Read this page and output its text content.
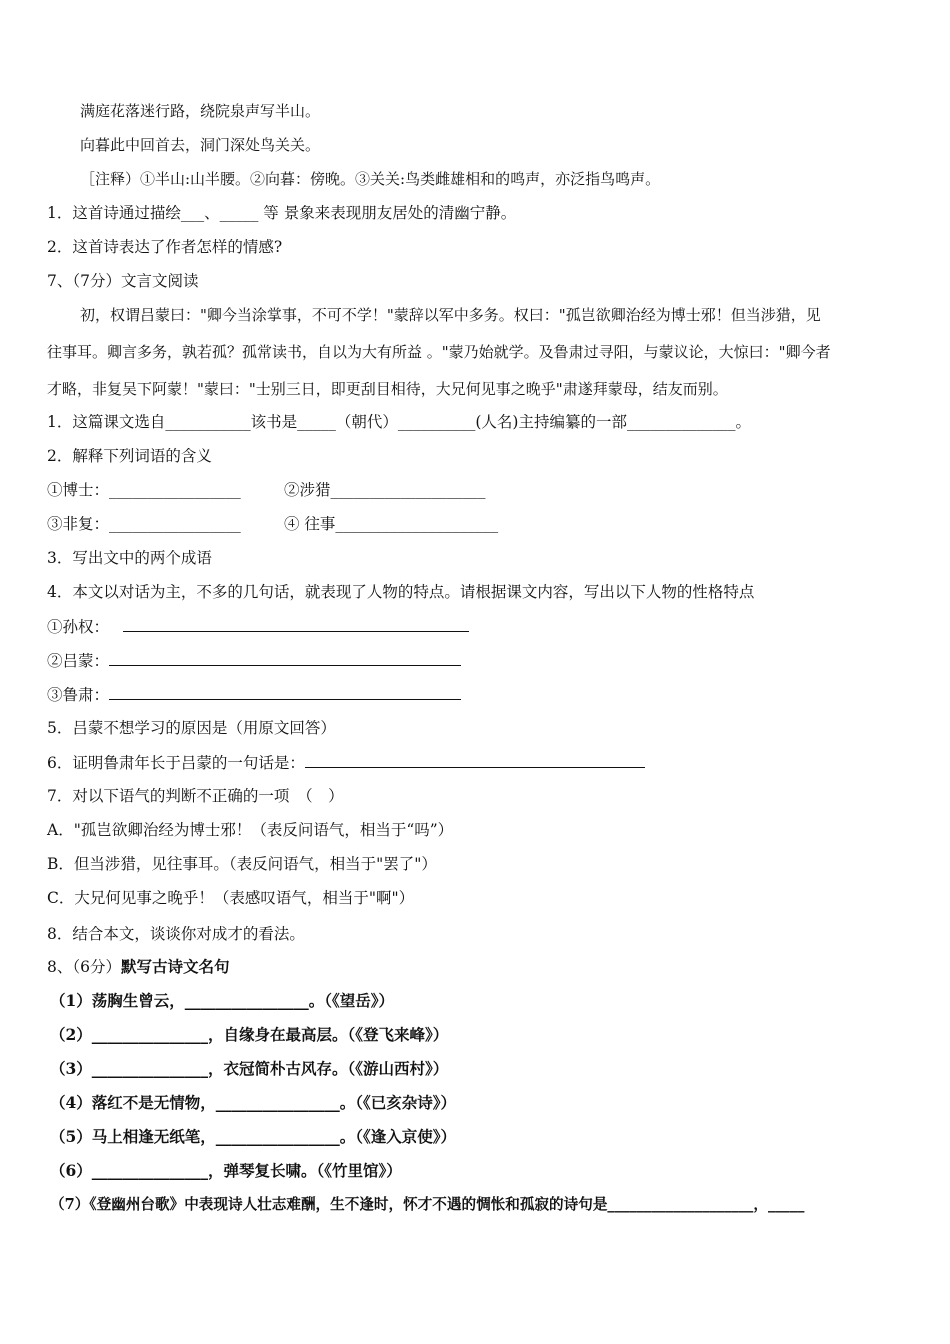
满庭花落迷行路，绕院泉声写半山。
向暮此中回首去，洞门深处鸟关关。
［注释）①半山:山半腰。②向暮：傍晚。③关关:鸟类雌雄相和的鸣声，亦泛指鸟鸣声。
1．这首诗通过描绘___、_____ 等 景象来表现朋友居处的清幽宁静。
2．这首诗表达了作者怎样的情感?
7、（7分）文言文阅读
初，权谓吕蒙曰："卿今当涂掌事，不可不学！"蒙辞以军中多务。权曰："孤岂欲卿治经为博士邪！但当涉猎，见
往事耳。卿言多务，孰若孤？孤常读书，自以为大有所益 。"蒙乃始就学。及鲁肃过寻阳，与蒙议论，大惊曰："卿今者
才略，非复吴下阿蒙！"蒙曰："士别三日，即更刮目相待，大兄何见事之晚乎"肃遂拜蒙母，结友而别。
1．这篇课文选自___________该书是_____（朝代）__________(人名)主持编纂的一部______________。
2．解释下列词语的含义
①博士：_________________	②涉猎____________________
③非复：_________________	④ 往事_____________________
3．写出文中的两个成语
4．本文以对话为主，不多的几句话，就表现了人物的特点。请根据课文内容，写出以下人物的性格特点
①孙权：
②吕蒙：
③鲁肃：
5．吕蒙不想学习的原因是（用原文回答）
6．证明鲁肃年长于吕蒙的一句话是：
7．对以下语气的判断不正确的一项　（　）
A．"孤岂欲卿治经为博士邪！（表反问语气，相当于“吗”）
B．但当涉猎，见往事耳。（表反问语气，相当于"罢了"）
C．大兄何见事之晚乎！（表感叹语气，相当于"啊"）
8．结合本文，谈谈你对成才的看法。
8、（6分）默写古诗文名句
（1）荡胸生曾云，________________。（《望岳》）
（2）_______________，自缘身在最高层。（《登飞来峰》）
（3）_______________，衣冠简朴古风存。（《游山西村》）
（4）落红不是无情物，________________。（《已亥杂诗》）
（5）马上相逢无纸笔，________________。（《逢入京使》）
（6）_______________，弹琴复长啸。（《竹里馆》）
（7）《登幽州台歌》中表现诗人壮志难酬，生不逢时，怀才不遇的惆怅和孤寂的诗句是____________________，_____
